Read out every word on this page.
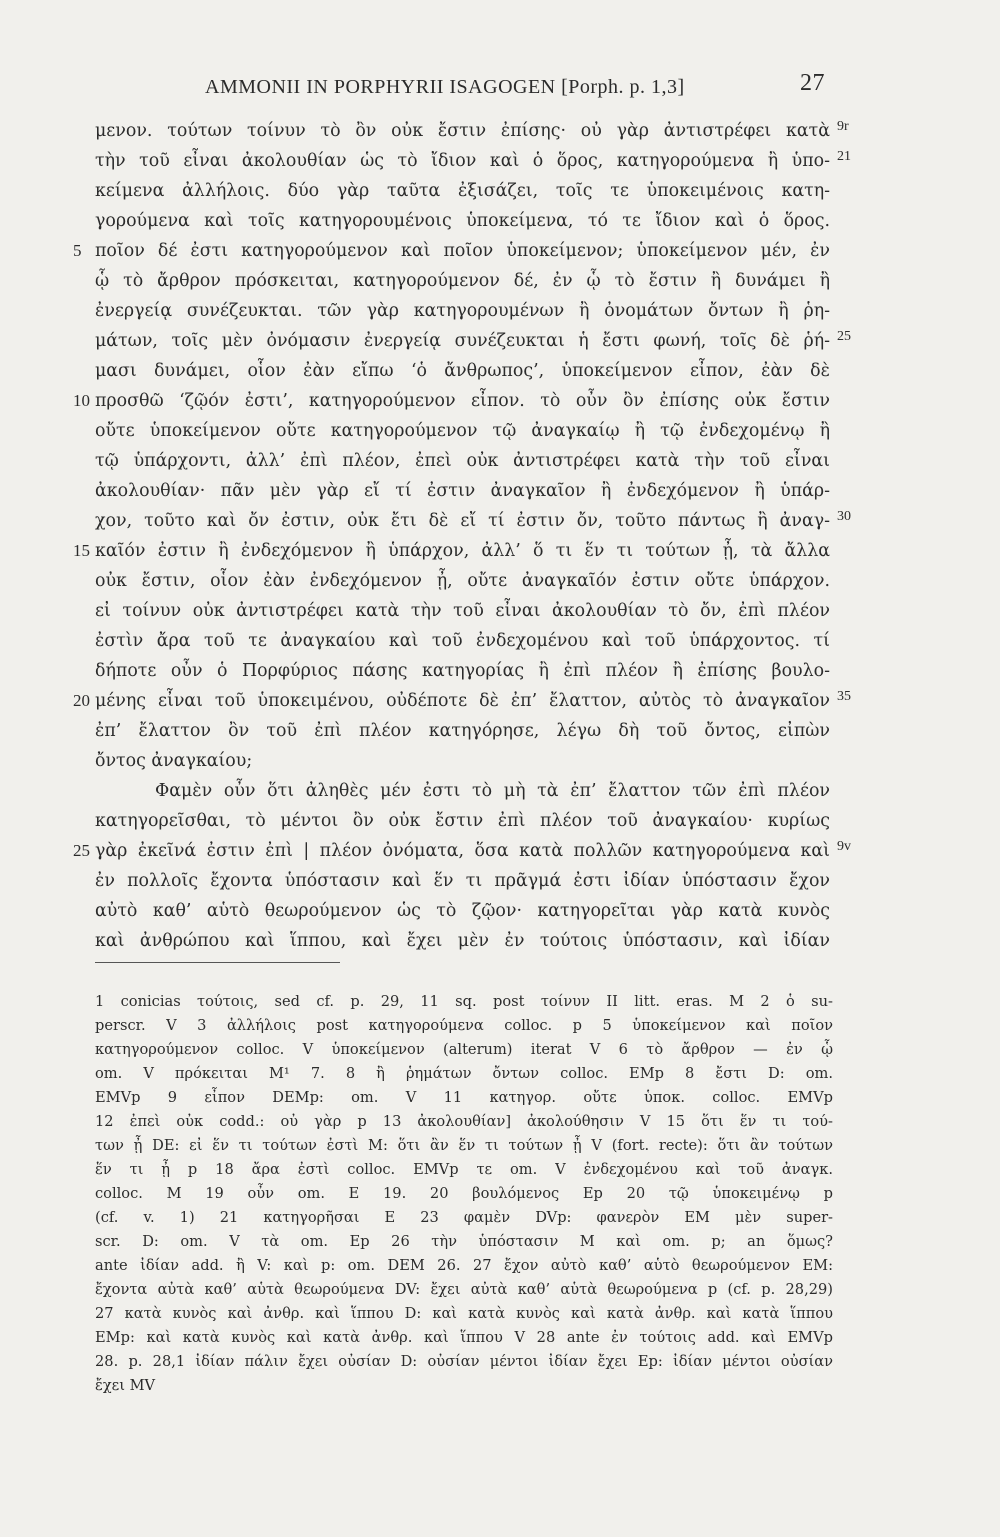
AMMONII IN PORPHYRII ISAGOGEN [Porph. p. 1,3]	27
μενον. τούτων τοίνυν τὸ ὂν οὐκ ἔστιν ἐπίσης· οὐ γὰρ ἀντιστρέφει κατὰ 9r
τὴν τοῦ εἶναι ἀκολουθίαν ὡς τὸ ἴδιον καὶ ὁ ὅρος, κατηγορούμενα ἢ ὑπο- 21
κείμενα ἀλλήλοις. δύο γὰρ ταῦτα ἐξισάζει, τοῖς τε ὑποκειμένοις κατη-
γορούμενα καὶ τοῖς κατηγορουμένοις ὑποκείμενα, τό τε ἴδιον καὶ ὁ ὅρος.
ποῖον δέ ἐστι κατηγορούμενον καὶ ποῖον ὑποκείμενον; ὑποκείμενον μέν, ἐν
5
ᾧ τὸ ἄρθρον πρόσκειται, κατηγορούμενον δέ, ἐν ᾧ τὸ ἔστιν ἢ δυνάμει ἢ
ἐνεργείᾳ συνέζευκται. τῶν γὰρ κατηγορουμένων ἢ ὀνομάτων ὄντων ἢ ῥη-
μάτων, τοῖς μὲν ὀνόμασιν ἐνεργείᾳ συνέζευκται ἡ ἔστι φωνή, τοῖς δὲ ῥή- 25
μασι δυνάμει, οἷον ἐὰν εἴπω ‘ὁ ἄνθρωπος’, ὑποκείμενον εἶπον, ἐὰν δὲ
προσθῶ ‘ζῷόν ἐστι’, κατηγορούμενον εἶπον. τὸ οὖν ὂν ἐπίσης οὐκ ἔστιν
10
οὔτε ὑποκείμενον οὔτε κατηγορούμενον τῷ ἀναγκαίῳ ἢ τῷ ἐνδεχομένῳ ἢ
τῷ ὑπάρχοντι, ἀλλ’ ἐπὶ πλέον, ἐπεὶ οὐκ ἀντιστρέφει κατὰ τὴν τοῦ εἶναι
ἀκολουθίαν· πᾶν μὲν γὰρ εἴ τί ἐστιν ἀναγκαῖον ἢ ἐνδεχόμενον ἢ ὑπάρ-
χον, τοῦτο καὶ ὄν ἐστιν, οὐκ ἔτι δὲ εἴ τί ἐστιν ὄν, τοῦτο πάντως ἢ ἀναγ- 30
καῖόν ἐστιν ἢ ἐνδεχόμενον ἢ ὑπάρχον, ἀλλ’ ὅ τι ἕν τι τούτων ᾖ, τὰ ἄλλα
15
οὐκ ἔστιν, οἷον ἐὰν ἐνδεχόμενον ᾖ, οὔτε ἀναγκαῖόν ἐστιν οὔτε ὑπάρχον.
εἰ τοίνυν οὐκ ἀντιστρέφει κατὰ τὴν τοῦ εἶναι ἀκολουθίαν τὸ ὄν, ἐπὶ πλέον
ἐστὶν ἄρα τοῦ τε ἀναγκαίου καὶ τοῦ ἐνδεχομένου καὶ τοῦ ὑπάρχοντος. τί
δήποτε οὖν ὁ Πορφύριος πάσης κατηγορίας ἢ ἐπὶ πλέον ἢ ἐπίσης βουλο-
μένης εἶναι τοῦ ὑποκειμένου, οὐδέποτε δὲ ἐπ’ ἔλαττον, αὐτὸς τὸ ἀναγκαῖον
20	35
ἐπ’ ἔλαττον ὂν τοῦ ἐπὶ πλέον κατηγόρησε, λέγω δὴ τοῦ ὄντος, εἰπὼν
ὄντος ἀναγκαίου;
Φαμὲν οὖν ὅτι ἀληθὲς μέν ἐστι τὸ μὴ τὰ ἐπ’ ἔλαττον τῶν ἐπὶ πλέον
κατηγορεῖσθαι, τὸ μέντοι ὂν οὐκ ἔστιν ἐπὶ πλέον τοῦ ἀναγκαίου· κυρίως
γὰρ ἐκεῖνά ἐστιν ἐπὶ | πλέον ὀνόματα, ὅσα κατὰ πολλῶν κατηγορούμενα καὶ
25	9v
ἐν πολλοῖς ἔχοντα ὑπόστασιν καὶ ἕν τι πρᾶγμά ἐστι ἰδίαν ὑπόστασιν ἔχον
αὐτὸ καθ’ αὑτὸ θεωρούμενον ὡς τὸ ζῷον· κατηγορεῖται γὰρ κατὰ κυνὸς
καὶ ἀνθρώπου καὶ ἵππου, καὶ ἔχει μὲν ἐν τούτοις ὑπόστασιν, καὶ ἰδίαν
1 conicias τούτοις, sed cf. p. 29, 11 sq. post τοίνυν II litt. eras. M 2 ὁ su-
perscr. V 3 ἀλλήλοις post κατηγορούμενα colloc. p 5 ὑποκείμενον καὶ ποῖον
κατηγορούμενον colloc. V ὑποκείμενον (alterum) iterat V 6 τὸ ἄρθρον — ἐν ᾧ
om. V πρόκειται M¹ 7. 8 ἢ ῥημάτων ὄντων colloc. EMp 8 ἔστι D: om.
EMVp 9 εἶπον DEMp: om. V 11 κατηγορ. οὔτε ὑποκ. colloc. EMVp
12 ἐπεὶ οὐκ codd.: οὐ γὰρ p 13 ἀκολουθίαν] ἀκολούθησιν V 15 ὅτι ἕν τι τού-
των ᾖ DE: εἰ ἕν τι τούτων ἐστὶ M: ὅτι ἂν ἕν τι τούτων ᾖ V (fort. recte): ὅτι ἂν τούτων
ἕν τι ᾖ p 18 ἄρα ἐστὶ colloc. EMVp τε om. V ἐνδεχομένου καὶ τοῦ ἀναγκ.
colloc. M 19 οὖν om. E 19. 20 βουλόμενος Ep 20 τῷ ὑποκειμένῳ p
(cf. v. 1) 21 κατηγορῆσαι E 23 φαμὲν DVp: φανερὸν EM μὲν super-
scr. D: om. V τὰ om. Ep 26 τὴν ὑπόστασιν M καὶ om. p; an ὅμως?
ante ἰδίαν add. ἢ V: καὶ p: om. DEM 26. 27 ἔχον αὐτὸ καθ’ αὑτὸ θεωρούμενον EM:
ἔχοντα αὐτὰ καθ’ αὑτὰ θεωρούμενα DV: ἔχει αὐτὰ καθ’ αὑτὰ θεωρούμενα p (cf. p. 28,29)
27 κατὰ κυνὸς καὶ ἀνθρ. καὶ ἵππου D: καὶ κατὰ κυνὸς καὶ κατὰ ἀνθρ. καὶ κατὰ ἵππου
EMp: καὶ κατὰ κυνὸς καὶ κατὰ ἀνθρ. καὶ ἵππου V 28 ante ἐν τούτοις add. καὶ EMVp
28. p. 28,1 ἰδίαν πάλιν ἔχει οὐσίαν D: οὐσίαν μέντοι ἰδίαν ἔχει Ep: ἰδίαν μέντοι οὐσίαν
ἔχει MV
